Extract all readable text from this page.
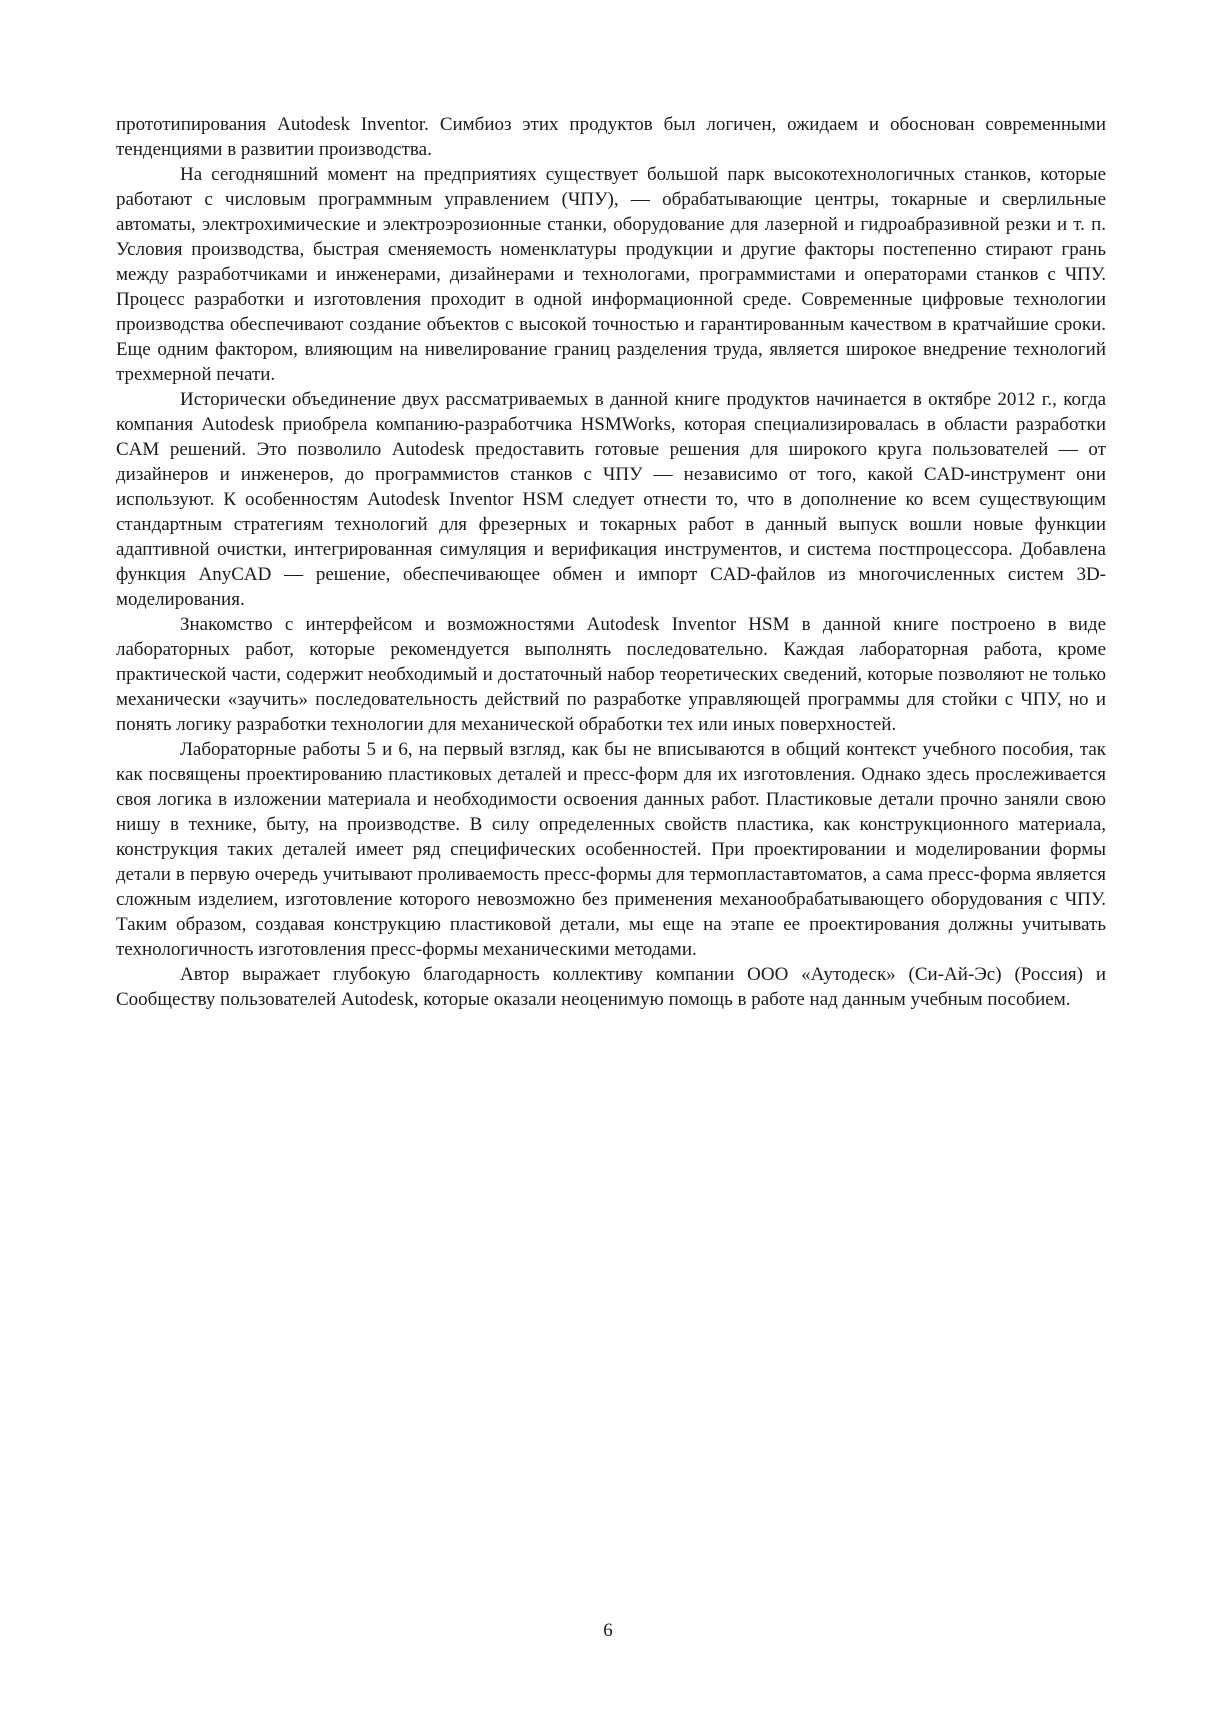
прототипирования Autodesk Inventor. Симбиоз этих продуктов был логичен, ожидаем и обоснован современными тенденциями в развитии производства.

На сегодняшний момент на предприятиях существует большой парк высокотехнологичных станков, которые работают с числовым программным управлением (ЧПУ), — обрабатывающие центры, токарные и сверлильные автоматы, электрохимические и электроэрозионные станки, оборудование для лазерной и гидроабразивной резки и т. п. Условия производства, быстрая сменяемость номенклатуры продукции и другие факторы постепенно стирают грань между разработчиками и инженерами, дизайнерами и технологами, программистами и операторами станков с ЧПУ. Процесс разработки и изготовления проходит в одной информационной среде. Современные цифровые технологии производства обеспечивают создание объектов с высокой точностью и гарантированным качеством в кратчайшие сроки. Еще одним фактором, влияющим на нивелирование границ разделения труда, является широкое внедрение технологий трехмерной печати.

Исторически объединение двух рассматриваемых в данной книге продуктов начинается в октябре 2012 г., когда компания Autodesk приобрела компанию-разработчика HSMWorks, которая специализировалась в области разработки CAM решений. Это позволило Autodesk предоставить готовые решения для широкого круга пользователей — от дизайнеров и инженеров, до программистов станков с ЧПУ — независимо от того, какой CAD-инструмент они используют. К особенностям Autodesk Inventor HSM следует отнести то, что в дополнение ко всем существующим стандартным стратегиям технологий для фрезерных и токарных работ в данный выпуск вошли новые функции адаптивной очистки, интегрированная симуляция и верификация инструментов, и система постпроцессора. Добавлена функция AnyCAD — решение, обеспечивающее обмен и импорт CAD-файлов из многочисленных систем 3D-моделирования.

Знакомство с интерфейсом и возможностями Autodesk Inventor HSM в данной книге построено в виде лабораторных работ, которые рекомендуется выполнять последовательно. Каждая лабораторная работа, кроме практической части, содержит необходимый и достаточный набор теоретических сведений, которые позволяют не только механически «заучить» последовательность действий по разработке управляющей программы для стойки с ЧПУ, но и понять логику разработки технологии для механической обработки тех или иных поверхностей.

Лабораторные работы 5 и 6, на первый взгляд, как бы не вписываются в общий контекст учебного пособия, так как посвящены проектированию пластиковых деталей и пресс-форм для их изготовления. Однако здесь прослеживается своя логика в изложении материала и необходимости освоения данных работ. Пластиковые детали прочно заняли свою нишу в технике, быту, на производстве. В силу определенных свойств пластика, как конструкционного материала, конструкция таких деталей имеет ряд специфических особенностей. При проектировании и моделировании формы детали в первую очередь учитывают проливаемость пресс-формы для термопластавтоматов, а сама пресс-форма является сложным изделием, изготовление которого невозможно без применения механообрабатывающего оборудования с ЧПУ. Таким образом, создавая конструкцию пластиковой детали, мы еще на этапе ее проектирования должны учитывать технологичность изготовления пресс-формы механическими методами.

Автор выражает глубокую благодарность коллективу компании ООО «Аутодеск» (Си-Ай-Эс) (Россия) и Сообществу пользователей Autodesk, которые оказали неоценимую помощь в работе над данным учебным пособием.

6
